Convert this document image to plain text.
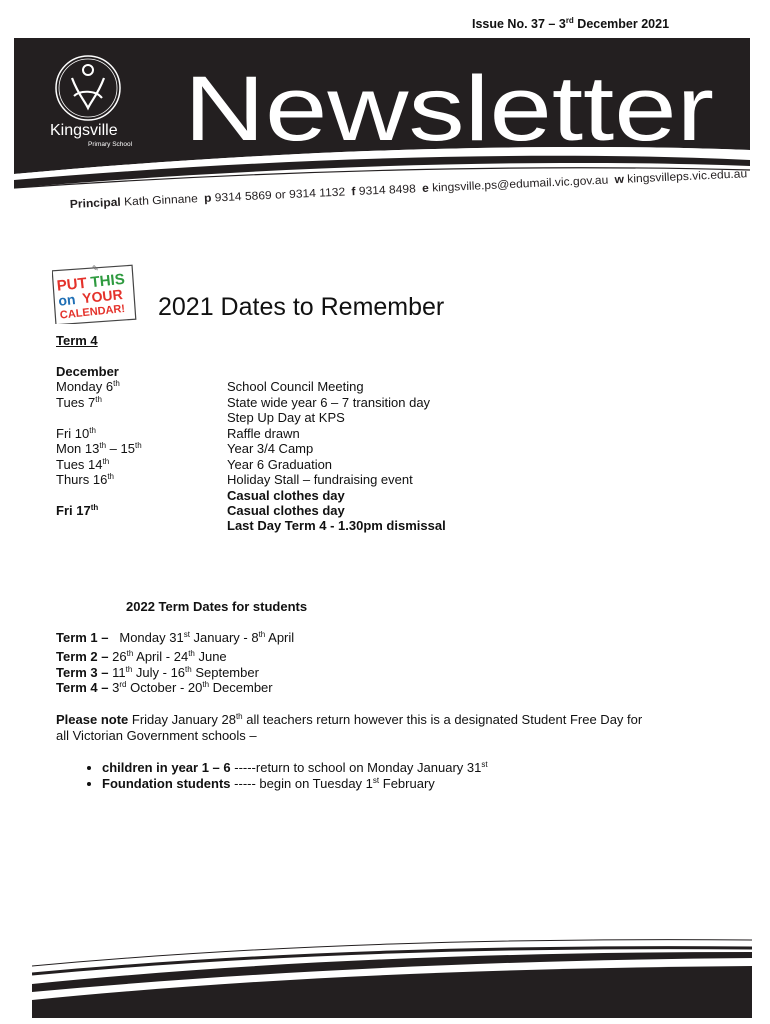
Issue No. 37 – 3rd December 2021
Kingsville
Primary School Newsletter
Principal Kath Ginnane p 9314 5869 or 9314 1132 f 9314 8498 e kingsville.ps@edumail.vic.gov.au w kingsvilleps.vic.edu.au
✎
PUT THIS
on YOUR
CALENDAR! 2021 Dates to Remember
Term 4
December
Monday 6th	School Council Meeting
Tues 7th	State wide year 6 – 7 transition day
Step Up Day at KPS
Fri 10th	Raffle drawn
Mon 13th – 15th	Year 3/4 Camp
Tues 14th	Year 6 Graduation
Thurs 16th	Holiday Stall – fundraising event
Casual clothes day
Fri 17th	Casual clothes day
Last Day Term 4 - 1.30pm dismissal
2022 Term Dates for students
Term 1 – Monday 31st January - 8th April
Term 2 – 26th April - 24th June
Term 3 – 11th July - 16th September
Term 4 – 3rd October - 20th December
Please note Friday January 28th all teachers return however this is a designated Student Free Day for
all Victorian Government schools –
• children in year 1 – 6 -----return to school on Monday January 31st
• Foundation students ----- begin on Tuesday 1st February
